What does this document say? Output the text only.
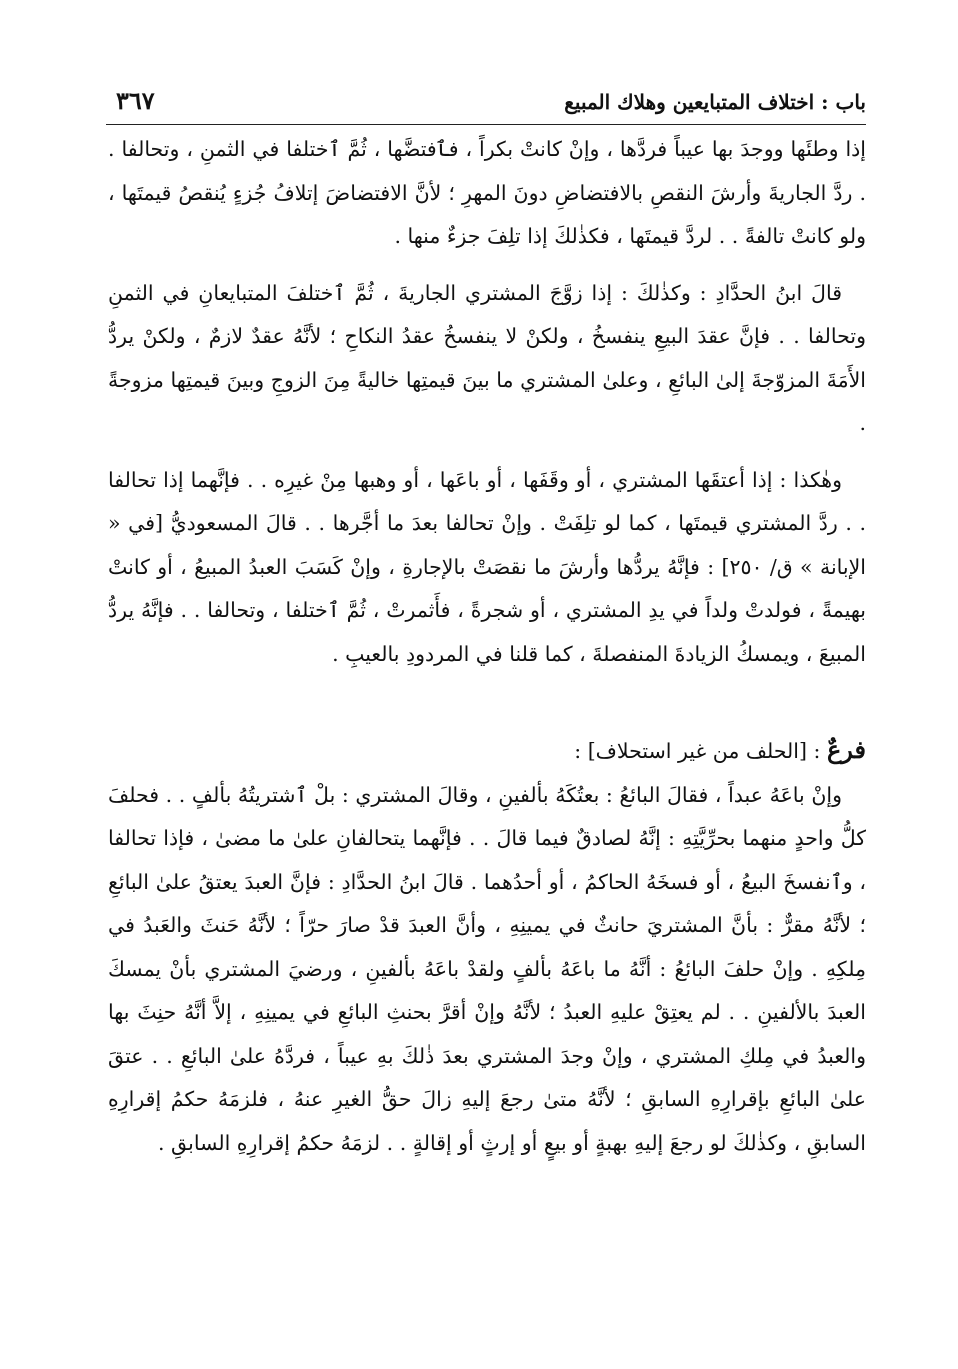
باب : اختلاف المتبايعين وهلاك المبيع
٣٦٧

إذا وطئَها ووجدَ بها عيباً فردَّها ، وإنْ كانتْ بكراً ، فٱفتضَّها ، ثُمَّ ٱختلفا في الثمنِ ، وتحالفا . . ردَّ الجاريةَ وأرشَ النقصِ بالافتضاضِ دونَ المهرِ ؛ لأنَّ الافتضاضَ إتلافُ جُزءٍ يُنقصُ قيمتَها ، ولو كانتْ تالفةً . . لردَّ قيمتَها ، فكذٰلكَ إذا تلِفَ جزءٌ منها .

قالَ ابنُ الحدَّادِ : وكذٰلكَ : إذا زوَّجَ المشتري الجاريةَ ، ثُمَّ ٱختلفَ المتبايعانِ في الثمنِ وتحالفا . . فإنَّ عقدَ البيعِ ينفسخُ ، ولكنْ لا ينفسخُ عقدُ النكاحِ ؛ لأنَّهُ عقدٌ لازمٌ ، ولكنْ يردُّ الأَمَةَ المزوّجةَ إلىٰ البائعِ ، وعلىٰ المشتري ما بينَ قيمتِها خاليةً مِنَ الزوجِ وبينَ قيمتِها مزوجةً .

وهٰكذا : إذا أعتقَها المشتري ، أو وقَفَها ، أو باعَها ، أو وهبها مِنْ غيرِه . . فإنَّهما إذا تحالفا . . ردَّ المشتري قيمتَها ، كما لو تلِفَتْ . وإنْ تحالفا بعدَ ما أجَّرها . . قالَ المسعوديُّ [في « الإبانة » ق/ ٢٥٠] : فإنَّهُ يردُّها وأرشَ ما نقصَتْ بالإجارةِ ، وإنْ كَسَبَ العبدُ المبيعُ ، أو كانتْ بهيمةً ، فولدتْ ولداً في يدِ المشتري ، أو شجرةً ، فأَثمرتْ ، ثُمَّ ٱختلفا ، وتحالفا . . فإنَّهُ يردُّ المبيعَ ، ويمسكُ الزيادةَ المنفصلةَ ، كما قلنا في المردودِ بالعيبِ .

فرعٌ : [الحلف من غير استحلاف] :

وإنْ باعَهُ عبداً ، فقالَ البائعُ : بعتُكَهُ بألفينِ ، وقالَ المشتري : بلْ ٱشتريتُهُ بألفٍ . . فحلفَ كلُّ واحدٍ منهما بحرِّيَّتِهِ : إنَّهُ لصادقٌ فيما قالَ . . فإنَّهما يتحالفانِ علىٰ ما مضىٰ ، فإذا تحالفا ، وٱنفسخَ البيعُ ، أو فسخَهُ الحاكمُ ، أو أحدُهما . قالَ ابنُ الحدَّادِ : فإنَّ العبدَ يعتقُ علىٰ البائعِ ؛ لأنَّهُ مقرٌّ : بأنَّ المشتريَ حانثٌ في يمينِهِ ، وأنَّ العبدَ قدْ صارَ حرّاً ؛ لأنَّهُ حَنثَ والعَبدُ في مِلكِهِ . وإنْ حلفَ البائعُ : أنَّهُ ما باعَهُ بألفٍ ولقدْ باعَهُ بألفينِ ، ورضيَ المشتري بأنْ يمسكَ العبدَ بالألفينِ . . لم يعتِقْ عليهِ العبدُ ؛ لأنَّهُ وإنْ أقرَّ بحنثِ البائعِ في يمينِهِ ، إلاَّ أنَّهُ حنِثَ بها والعبدُ في مِلكِ المشتري ، وإنْ وجدَ المشتري بعدَ ذٰلكَ بهِ عيباً ، فردَّهُ علىٰ البائعِ . . عتقَ علىٰ البائعِ بإقرارِهِ السابقِ ؛ لأنَّهُ متىٰ رجعَ إليهِ زالَ حقُّ الغيرِ عنهُ ، فلزمَهُ حكمُ إقرارِهِ السابقِ ، وكذٰلكَ لو رجعَ إليهِ بهبةٍ أو بيعٍ أو إرثٍ أو إقالةٍ . . لزمَهُ حكمُ إقرارِهِ السابقِ .
